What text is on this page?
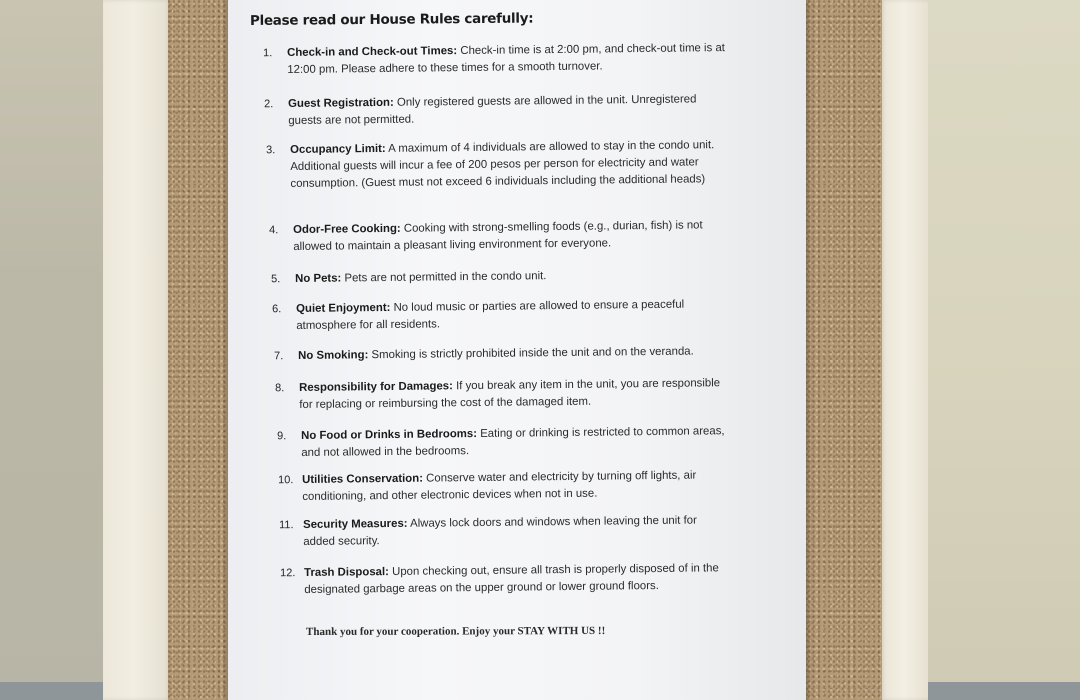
Please read our House Rules carefully:
1. Check-in and Check-out Times: Check-in time is at 2:00 pm, and check-out time is at 12:00 pm. Please adhere to these times for a smooth turnover.
2. Guest Registration: Only registered guests are allowed in the unit. Unregistered guests are not permitted.
3. Occupancy Limit: A maximum of 4 individuals are allowed to stay in the condo unit. Additional guests will incur a fee of 200 pesos per person for electricity and water consumption. (Guest must not exceed 6 individuals including the additional heads)
4. Odor-Free Cooking: Cooking with strong-smelling foods (e.g., durian, fish) is not allowed to maintain a pleasant living environment for everyone.
5. No Pets: Pets are not permitted in the condo unit.
6. Quiet Enjoyment: No loud music or parties are allowed to ensure a peaceful atmosphere for all residents.
7. No Smoking: Smoking is strictly prohibited inside the unit and on the veranda.
8. Responsibility for Damages: If you break any item in the unit, you are responsible for replacing or reimbursing the cost of the damaged item.
9. No Food or Drinks in Bedrooms: Eating or drinking is restricted to common areas, and not allowed in the bedrooms.
10. Utilities Conservation: Conserve water and electricity by turning off lights, air conditioning, and other electronic devices when not in use.
11. Security Measures: Always lock doors and windows when leaving the unit for added security.
12. Trash Disposal: Upon checking out, ensure all trash is properly disposed of in the designated garbage areas on the upper ground or lower ground floors.
Thank you for your cooperation. Enjoy your STAY WITH US !!
